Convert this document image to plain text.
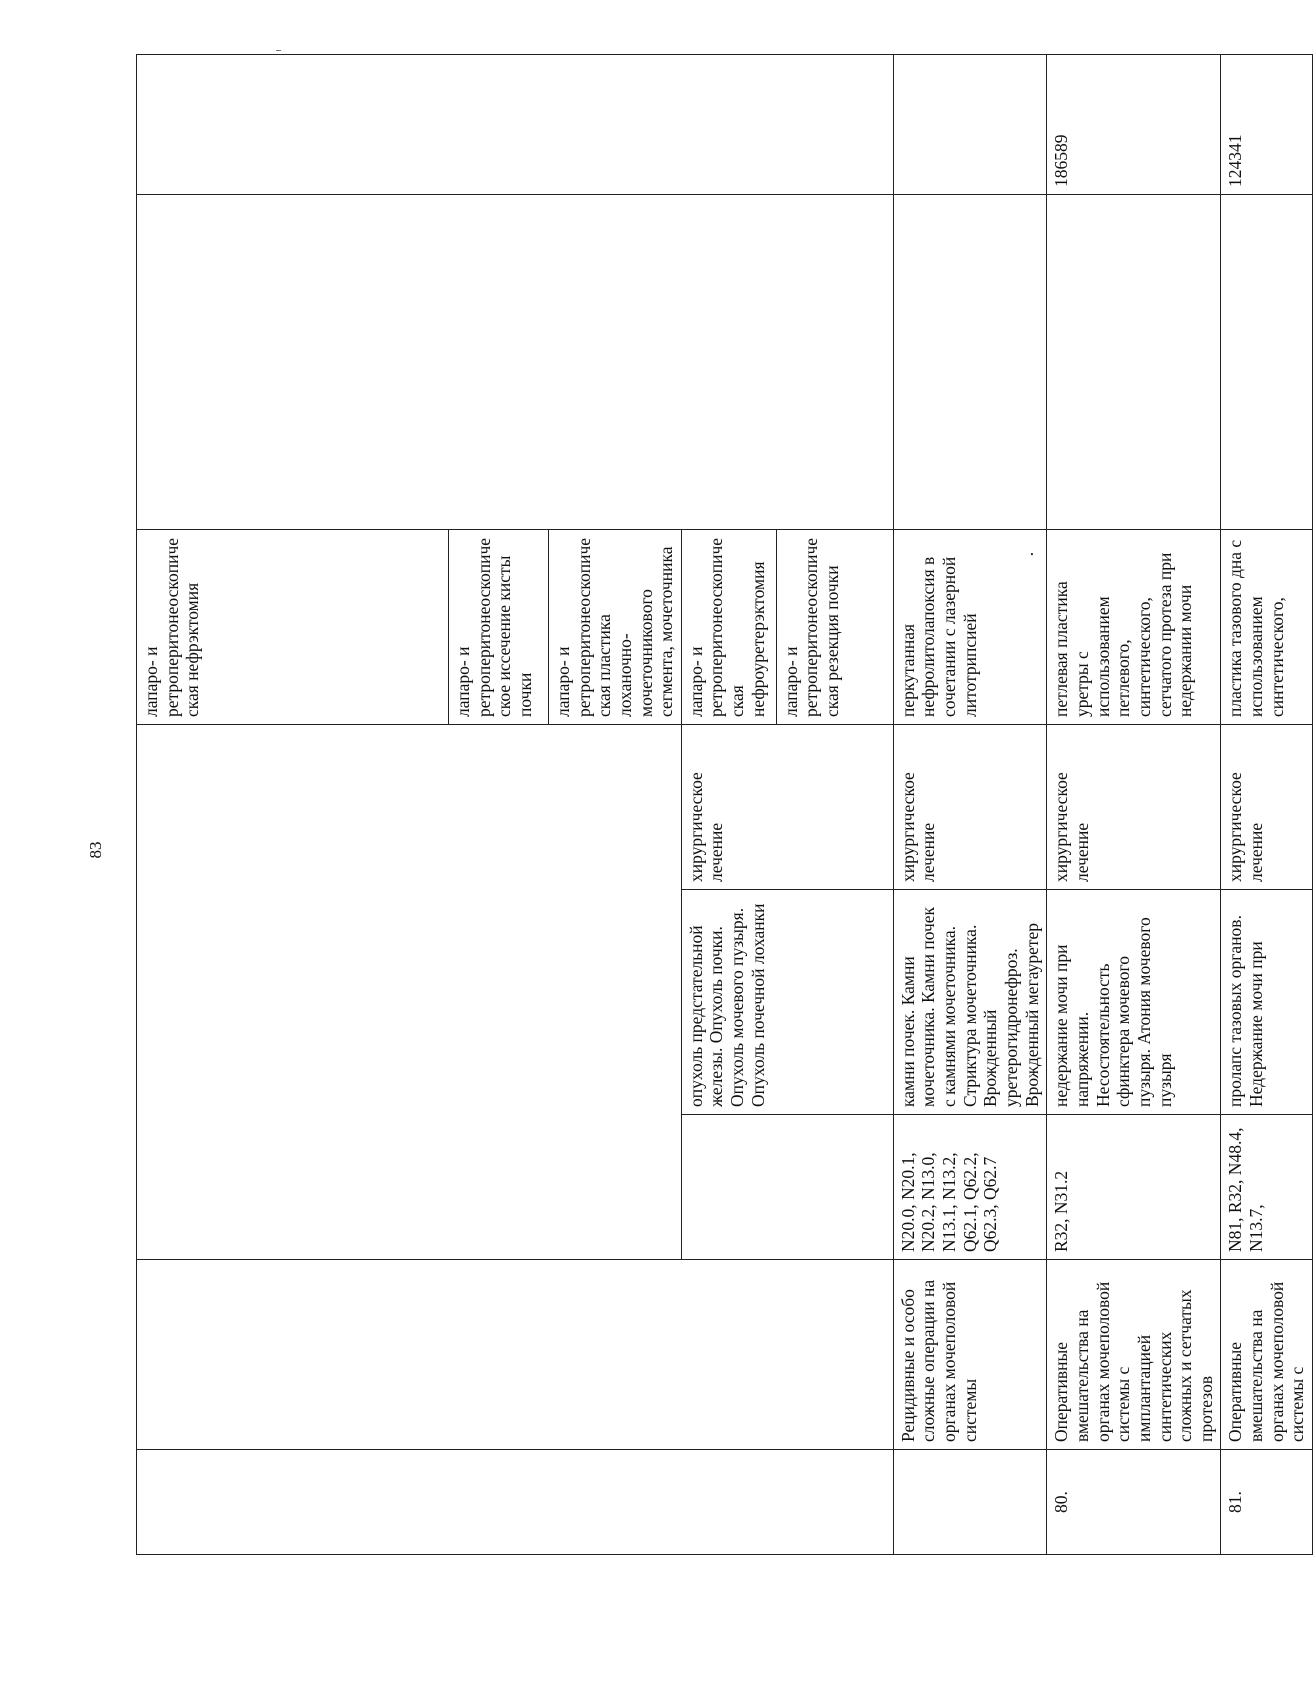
83
					лапаро- и ретроперитонеоскопическая нефрэктомия		
					лапаро- и ретроперитонеоскопическое иссечение кисты почки		
					лапаро- и ретроперитонеоскопическая пластика лоханочно-мочеточникового сегмента, мочеточника		
			опухоль предстательной железы. Опухоль почки. Опухоль мочевого пузыря. Опухоль почечной лоханки	хирургическое лечение	лапаро- и ретроперитонеоскопическая нефроуретерэктомия		
					лапаро- и ретроперитонеоскопическая резекция почки		
	Рецидивные и особо сложные операции на органах мочеполовой системы	N20.0, N20.1, N20.2, N13.0, N13.1, N13.2, Q62.1, Q62.2, Q62.3, Q62.7	камни почек. Камни мочеточника. Камни почек с камнями мочеточника. Стриктура мочеточника. Врожденный уретерогидронефроз. Врожденный мегауретер	хирургическое лечение	перкутанная нефролитолапоксия в сочетании с лазерной литотрипсией

·		
80.	Оперативные вмешательства на органах мочеполовой системы с имплантацией синтетических сложных и сетчатых протезов	R32, N31.2	недержание мочи при напряжении. Несостоятельность сфинктера мочевого пузыря. Атония мочевого пузыря	хирургическое лечение	петлевая пластика уретры с использованием петлевого, синтетического, сетчатого протеза при недержании мочи		186589
81.	Оперативные вмешательства на органах мочеполовой системы с	N81, R32, N48.4, N13.7,	пролапс тазовых органов. Недержание мочи при	хирургическое лечение	пластика тазового дна с использованием синтетического,		124341
